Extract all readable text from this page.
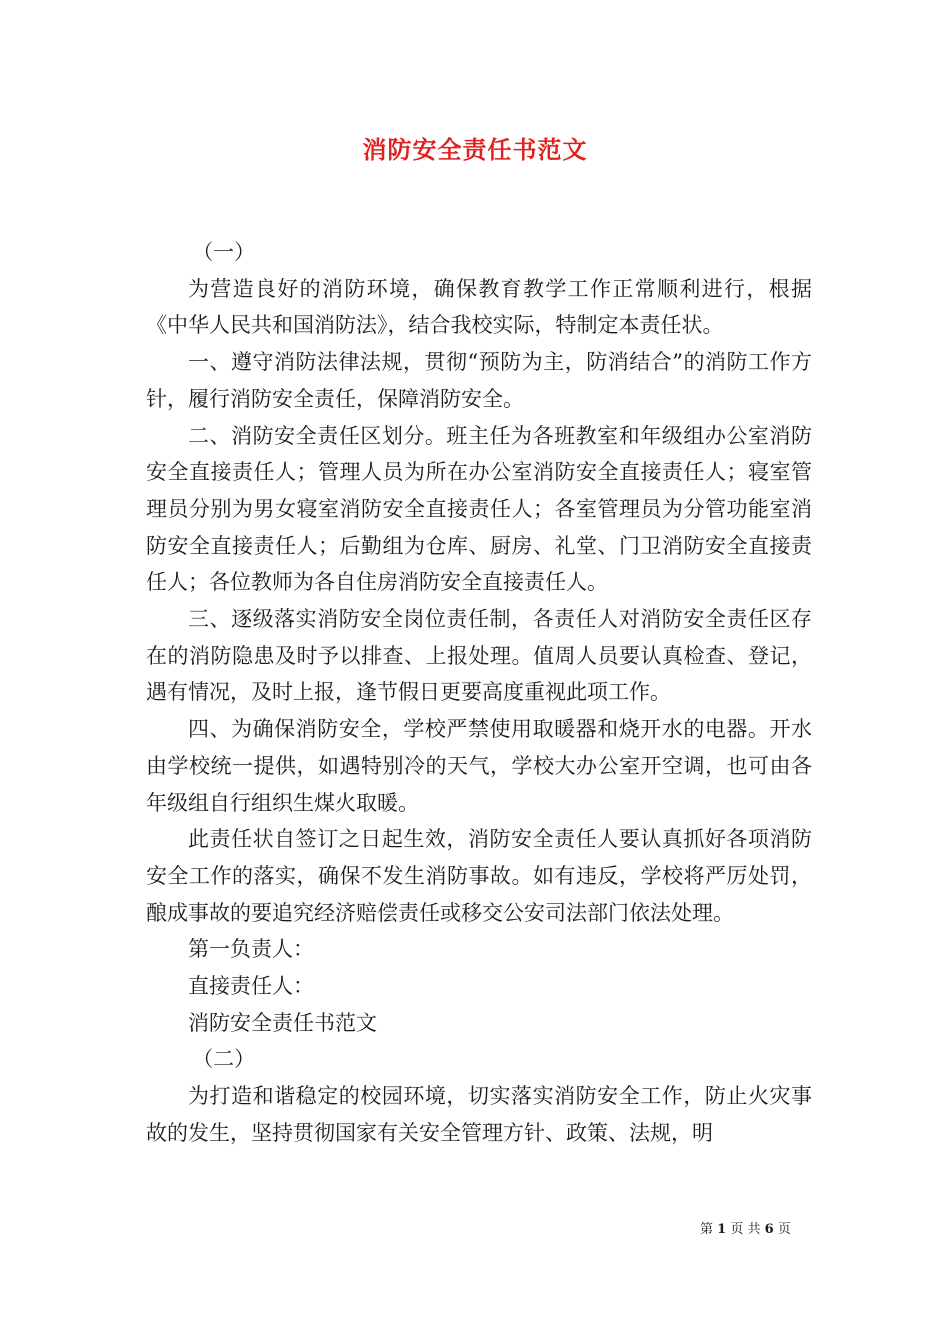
消防安全责任书范文

（一）

为营造良好的消防环境，确保教育教学工作正常顺利进行，根据《中华人民共和国消防法》，结合我校实际，特制定本责任状。

一、遵守消防法律法规，贯彻“预防为主，防消结合”的消防工作方针，履行消防安全责任，保障消防安全。

二、消防安全责任区划分。班主任为各班教室和年级组办公室消防安全直接责任人；管理人员为所在办公室消防安全直接责任人；寝室管理员分别为男女寝室消防安全直接责任人；各室管理员为分管功能室消防安全直接责任人；后勤组为仓库、厨房、礼堂、门卫消防安全直接责任人；各位教师为各自住房消防安全直接责任人。

三、逐级落实消防安全岗位责任制，各责任人对消防安全责任区存在的消防隐患及时予以排查、上报处理。值周人员要认真检查、登记，遇有情况，及时上报，逢节假日更要高度重视此项工作。

四、为确保消防安全，学校严禁使用取暖器和烧开水的电器。开水由学校统一提供，如遇特别冷的天气，学校大办公室开空调，也可由各年级组自行组织生煤火取暖。

此责任状自签订之日起生效，消防安全责任人要认真抓好各项消防安全工作的落实，确保不发生消防事故。如有违反，学校将严厉处罚，酿成事故的要追究经济赔偿责任或移交公安司法部门依法处理。

第一负责人：

直接责任人：

消防安全责任书范文

（二）

为打造和谐稳定的校园环境，切实落实消防安全工作，防止火灾事故的发生，坚持贯彻国家有关安全管理方针、政策、法规，明

第 1 页 共 6 页
